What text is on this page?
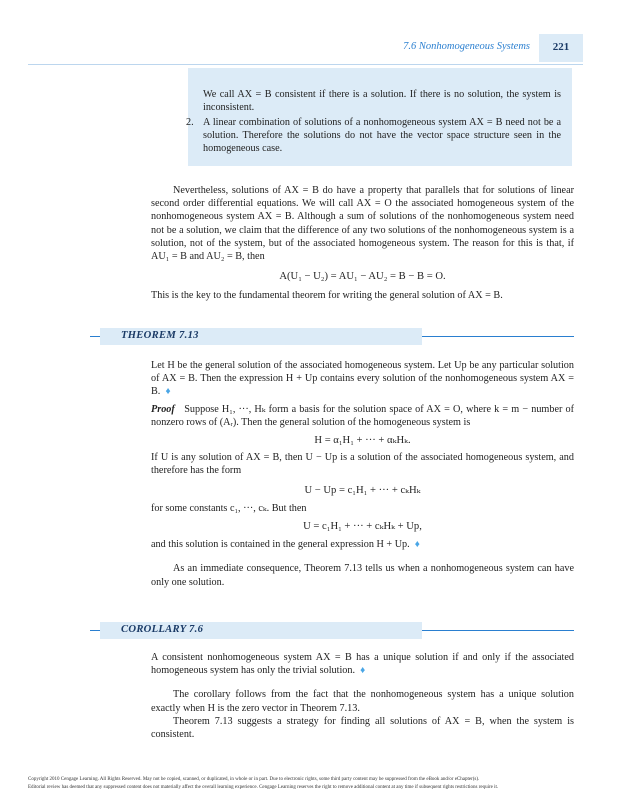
7.6 Nonhomogeneous Systems	221
We call AX = B consistent if there is a solution. If there is no solution, the system is inconsistent.
2. A linear combination of solutions of a nonhomogeneous system AX = B need not be a solution. Therefore the solutions do not have the vector space structure seen in the homogeneous case.

Nevertheless, solutions of AX = B do have a property that parallels that for solutions of linear second order differential equations. We will call AX = O the associated homogeneous system of the nonhomogeneous system AX = B. Although a sum of solutions of the nonhomogeneous system need not be a solution, we claim that the difference of any two solutions of the nonhomogeneous system is a solution, not of the system, but of the associated homogeneous system. The reason for this is that, if AU₁ = B and AU₂ = B, then

A(U₁ − U₂) = AU₁ − AU₂ = B − B = O.

This is the key to the fundamental theorem for writing the general solution of AX = B.

THEOREM 7.13

Let H be the general solution of the associated homogeneous system. Let Up be any particular solution of AX = B. Then the expression H + Up contains every solution of the nonhomogeneous system AX = B. ♦

Proof Suppose H₁, ···, Hₖ form a basis for the solution space of AX = O, where k = m − number of nonzero rows of (Aᵣ). Then the general solution of the homogeneous system is

H = α₁H₁ + ··· + αₖHₖ.

If U is any solution of AX = B, then U − Up is a solution of the associated homogeneous system, and therefore has the form

U − Up = c₁H₁ + ··· + cₖHₖ

for some constants c₁, ···, cₖ. But then

U = c₁H₁ + ··· + cₖHₖ + Up,

and this solution is contained in the general expression H + Up. ♦

As an immediate consequence, Theorem 7.13 tells us when a nonhomogeneous system can have only one solution.

COROLLARY 7.6

A consistent nonhomogeneous system AX = B has a unique solution if and only if the associated homogeneous system has only the trivial solution. ♦

The corollary follows from the fact that the nonhomogeneous system has a unique solution exactly when H is the zero vector in Theorem 7.13.

Theorem 7.13 suggests a strategy for finding all solutions of AX = B, when the system is consistent.

Copyright 2010 Cengage Learning. All Rights Reserved. May not be copied, scanned, or duplicated, in whole or in part. Due to electronic rights, some third party content may be suppressed from the eBook and/or eChapter(s).
Editorial review has deemed that any suppressed content does not materially affect the overall learning experience. Cengage Learning reserves the right to remove additional content at any time if subsequent rights restrictions require it.
